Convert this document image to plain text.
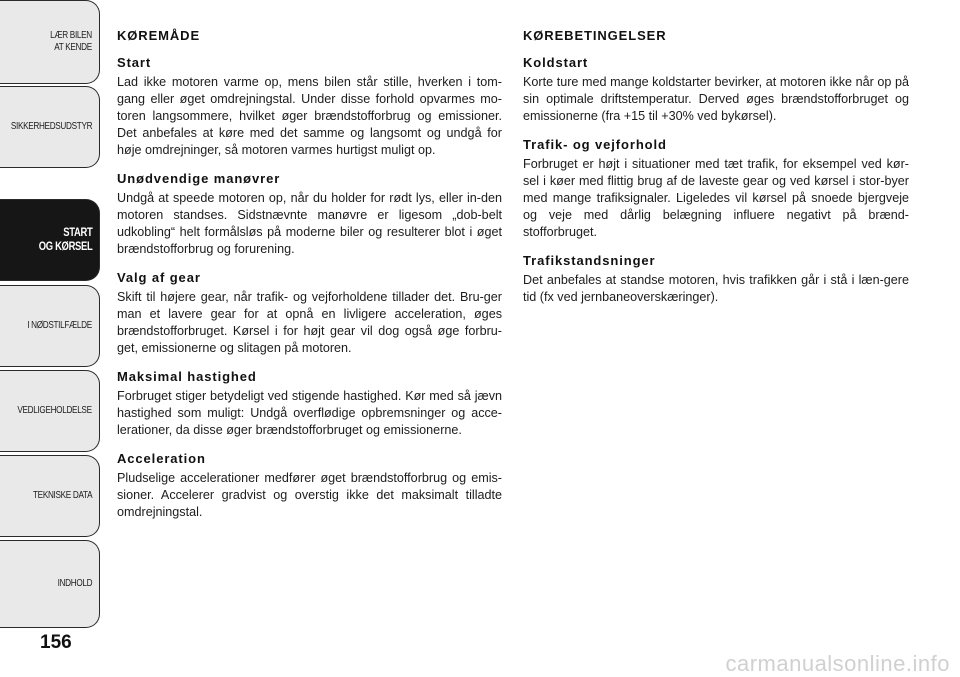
LÆR BILEN
AT KENDE
SIKKERHEDSUDSTYR
START
OG KØRSEL
I NØDSTILFÆLDE
VEDLIGEHOLDELSE
TEKNISKE DATA
INDHOLD
156
KØREMÅDE
Start

Lad ikke motoren varme op, mens bilen står stille, hverken i tom-gang eller øget omdrejningstal. Under disse forhold opvarmes mo-toren langsommere, hvilket øger brændstofforbrug og emissioner. Det anbefales at køre med det samme og langsomt og undgå for høje omdrejninger, så motoren varmes hurtigst muligt op.

Unødvendige manøvrer

Undgå at speede motoren op, når du holder for rødt lys, eller in-den motoren standses. Sidstnævnte manøvre er ligesom „dob-belt udkobling“ helt formålsløs på moderne biler og resulterer blot i øget brændstofforbrug og forurening.

Valg af gear

Skift til højere gear, når trafik- og vejforholdene tillader det. Bru-ger man et lavere gear for at opnå en livligere acceleration, øges brændstofforbruget. Kørsel i for højt gear vil dog også øge forbru-get, emissionerne og slitagen på motoren.

Maksimal hastighed

Forbruget stiger betydeligt ved stigende hastighed. Kør med så jævn hastighed som muligt: Undgå overflødige opbremsninger og acce-lerationer, da disse øger brændstofforbruget og emissionerne.

Acceleration

Pludselige accelerationer medfører øget brændstofforbrug og emis-sioner. Accelerer gradvist og overstig ikke det maksimalt tilladte omdrejningstal.

KØREBETINGELSER
Koldstart

Korte ture med mange koldstarter bevirker, at motoren ikke når op på sin optimale driftstemperatur. Derved øges brændstofforbruget og emissionerne (fra +15 til +30% ved bykørsel).

Trafik- og vejforhold

Forbruget er højt i situationer med tæt trafik, for eksempel ved kør-sel i køer med flittig brug af de laveste gear og ved kørsel i stor-byer med mange trafiksignaler. Ligeledes vil kørsel på snoede bjergveje og veje med dårlig belægning influere negativt på brænd-stofforbruget.

Trafikstandsninger

Det anbefales at standse motoren, hvis trafikken går i stå i læn-gere tid (fx ved jernbaneoverskæringer).

carmanualsonline.info
